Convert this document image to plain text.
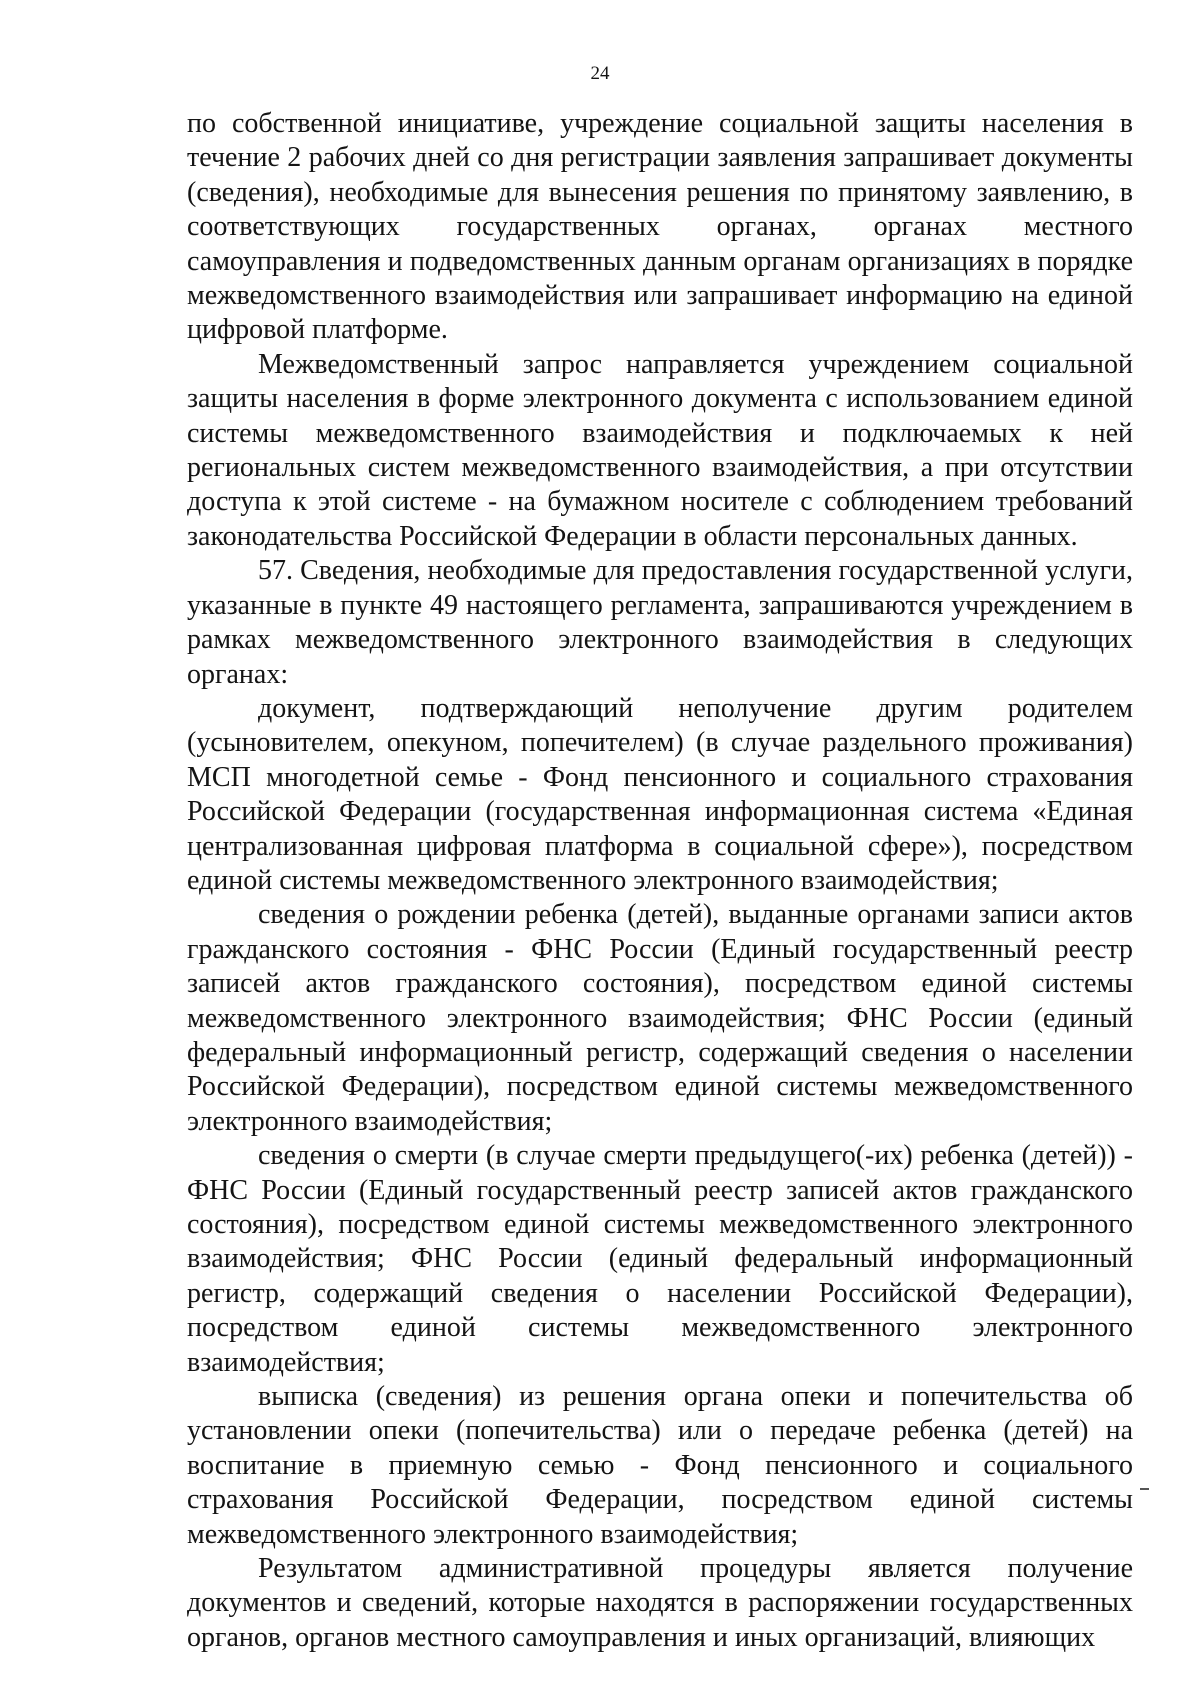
24

по собственной инициативе, учреждение социальной защиты населения в течение 2 рабочих дней со дня регистрации заявления запрашивает документы (сведения), необходимые для вынесения решения по принятому заявлению, в соответствующих государственных органах, органах местного самоуправления и подведомственных данным органам организациях в порядке межведомственного взаимодействия или запрашивает информацию на единой цифровой платформе.

Межведомственный запрос направляется учреждением социальной защиты населения в форме электронного документа с использованием единой системы межведомственного взаимодействия и подключаемых к ней региональных систем межведомственного взаимодействия, а при отсутствии доступа к этой системе - на бумажном носителе с соблюдением требований законодательства Российской Федерации в области персональных данных.

57. Сведения, необходимые для предоставления государственной услуги, указанные в пункте 49 настоящего регламента, запрашиваются учреждением в рамках межведомственного электронного взаимодействия в следующих органах:

документ, подтверждающий неполучение другим родителем (усыновителем, опекуном, попечителем) (в случае раздельного проживания) МСП многодетной семье - Фонд пенсионного и социального страхования Российской Федерации (государственная информационная система «Единая централизованная цифровая платформа в социальной сфере»), посредством единой системы межведомственного электронного взаимодействия;

сведения о рождении ребенка (детей), выданные органами записи актов гражданского состояния - ФНС России (Единый государственный реестр записей актов гражданского состояния), посредством единой системы межведомственного электронного взаимодействия; ФНС России (единый федеральный информационный регистр, содержащий сведения о населении Российской Федерации), посредством единой системы межведомственного электронного взаимодействия;

сведения о смерти (в случае смерти предыдущего(-их) ребенка (детей)) - ФНС России (Единый государственный реестр записей актов гражданского состояния), посредством единой системы межведомственного электронного взаимодействия; ФНС России (единый федеральный информационный регистр, содержащий сведения о населении Российской Федерации), посредством единой системы межведомственного электронного взаимодействия;

выписка (сведения) из решения органа опеки и попечительства об установлении опеки (попечительства) или о передаче ребенка (детей) на воспитание в приемную семью - Фонд пенсионного и социального страхования Российской Федерации, посредством единой системы межведомственного электронного взаимодействия;

Результатом административной процедуры является получение документов и сведений, которые находятся в распоряжении государственных органов, органов местного самоуправления и иных организаций, влияющих
